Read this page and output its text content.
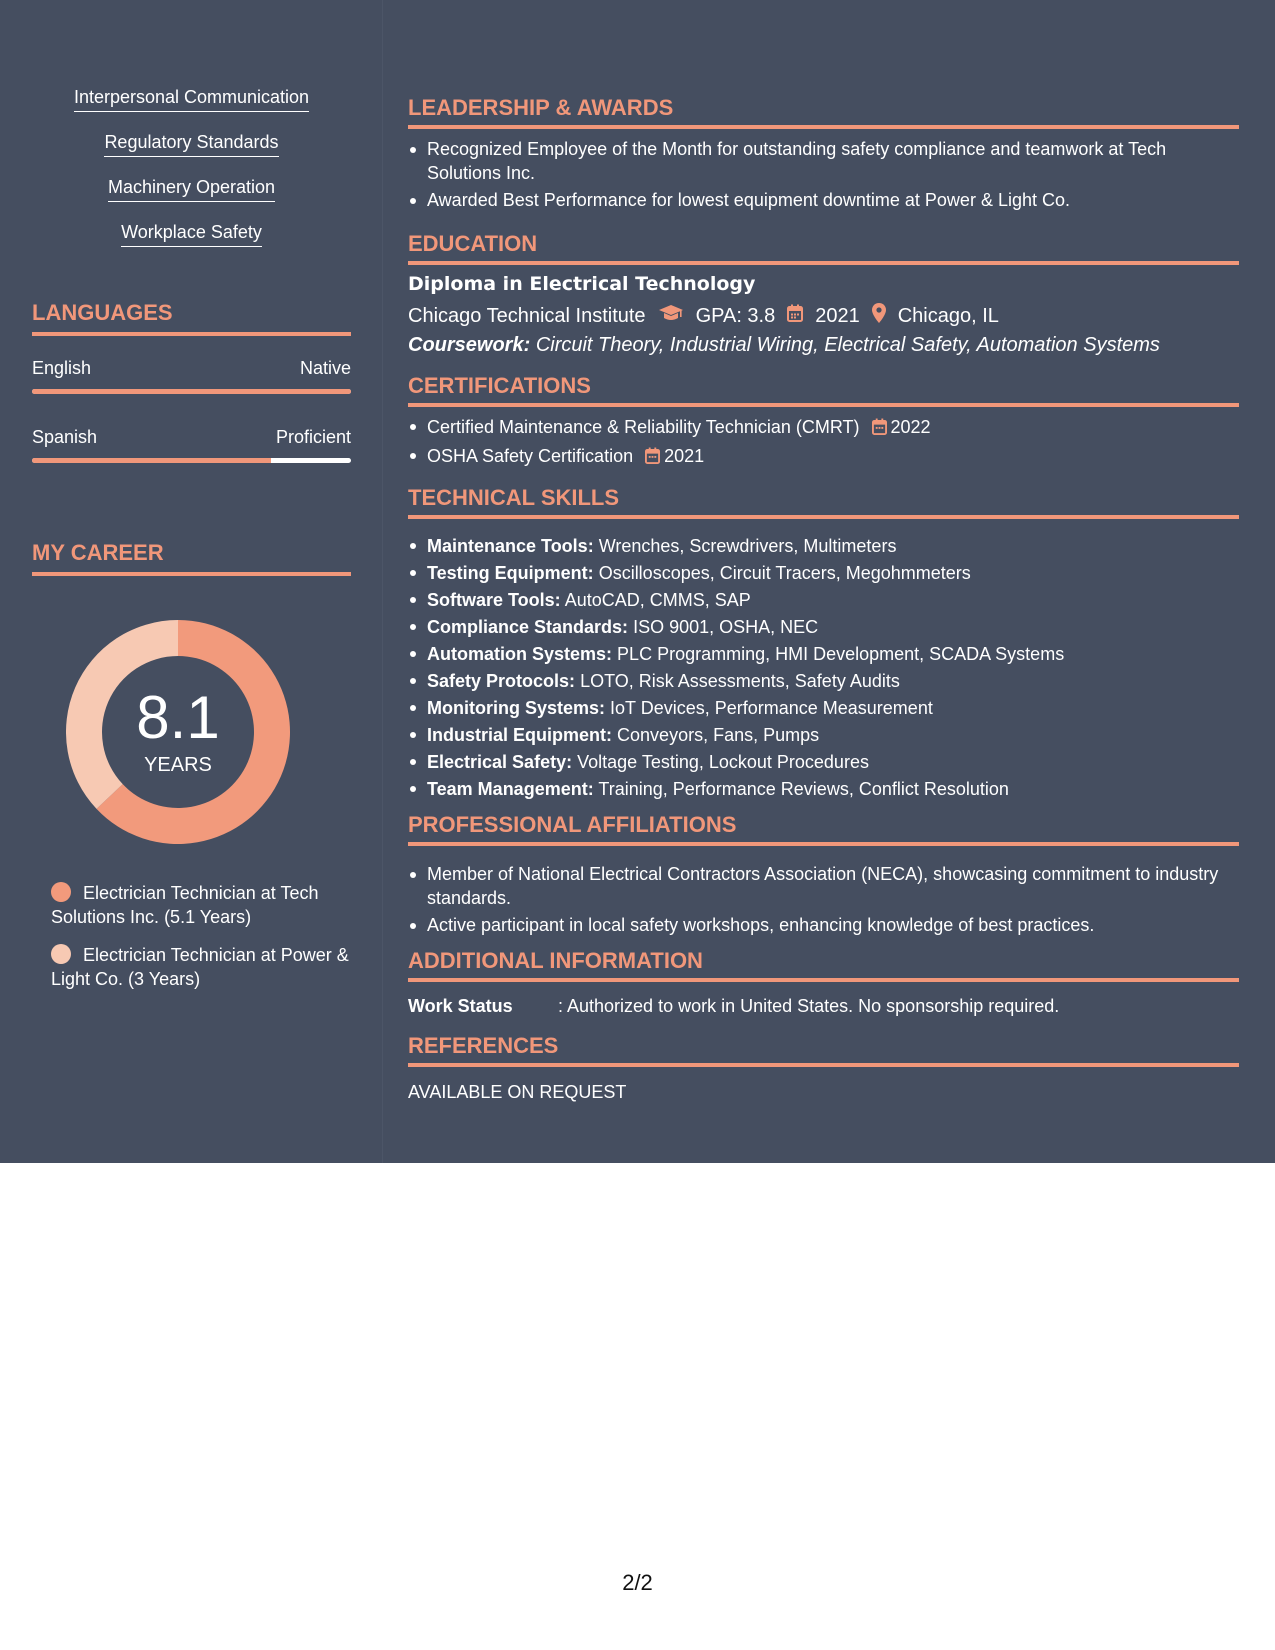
Interpersonal Communication
Regulatory Standards
Machinery Operation
Workplace Safety
LANGUAGES
English	Native
Spanish	Proficient
MY CAREER
8.1
YEARS
Electrician Technician at Tech Solutions Inc. (5.1 Years)
Electrician Technician at Power & Light Co. (3 Years)
LEADERSHIP & AWARDS
Recognized Employee of the Month for outstanding safety compliance and teamwork at Tech Solutions Inc.
Awarded Best Performance for lowest equipment downtime at Power & Light Co.
EDUCATION
Diploma in Electrical Technology
Chicago Technical Institute	GPA: 3.8 2021 Chicago, IL
Coursework: Circuit Theory, Industrial Wiring, Electrical Safety, Automation Systems
CERTIFICATIONS
Certified Maintenance & Reliability Technician (CMRT) 2022
OSHA Safety Certification 2021
TECHNICAL SKILLS
Maintenance Tools: Wrenches, Screwdrivers, Multimeters
Testing Equipment: Oscilloscopes, Circuit Tracers, Megohmmeters
Software Tools: AutoCAD, CMMS, SAP
Compliance Standards: ISO 9001, OSHA, NEC
Automation Systems: PLC Programming, HMI Development, SCADA Systems
Safety Protocols: LOTO, Risk Assessments, Safety Audits
Monitoring Systems: IoT Devices, Performance Measurement
Industrial Equipment: Conveyors, Fans, Pumps
Electrical Safety: Voltage Testing, Lockout Procedures
Team Management: Training, Performance Reviews, Conflict Resolution
PROFESSIONAL AFFILIATIONS
Member of National Electrical Contractors Association (NECA), showcasing commitment to industry standards.
Active participant in local safety workshops, enhancing knowledge of best practices.
ADDITIONAL INFORMATION
Work Status	: Authorized to work in United States. No sponsorship required.
REFERENCES
AVAILABLE ON REQUEST
2/2
